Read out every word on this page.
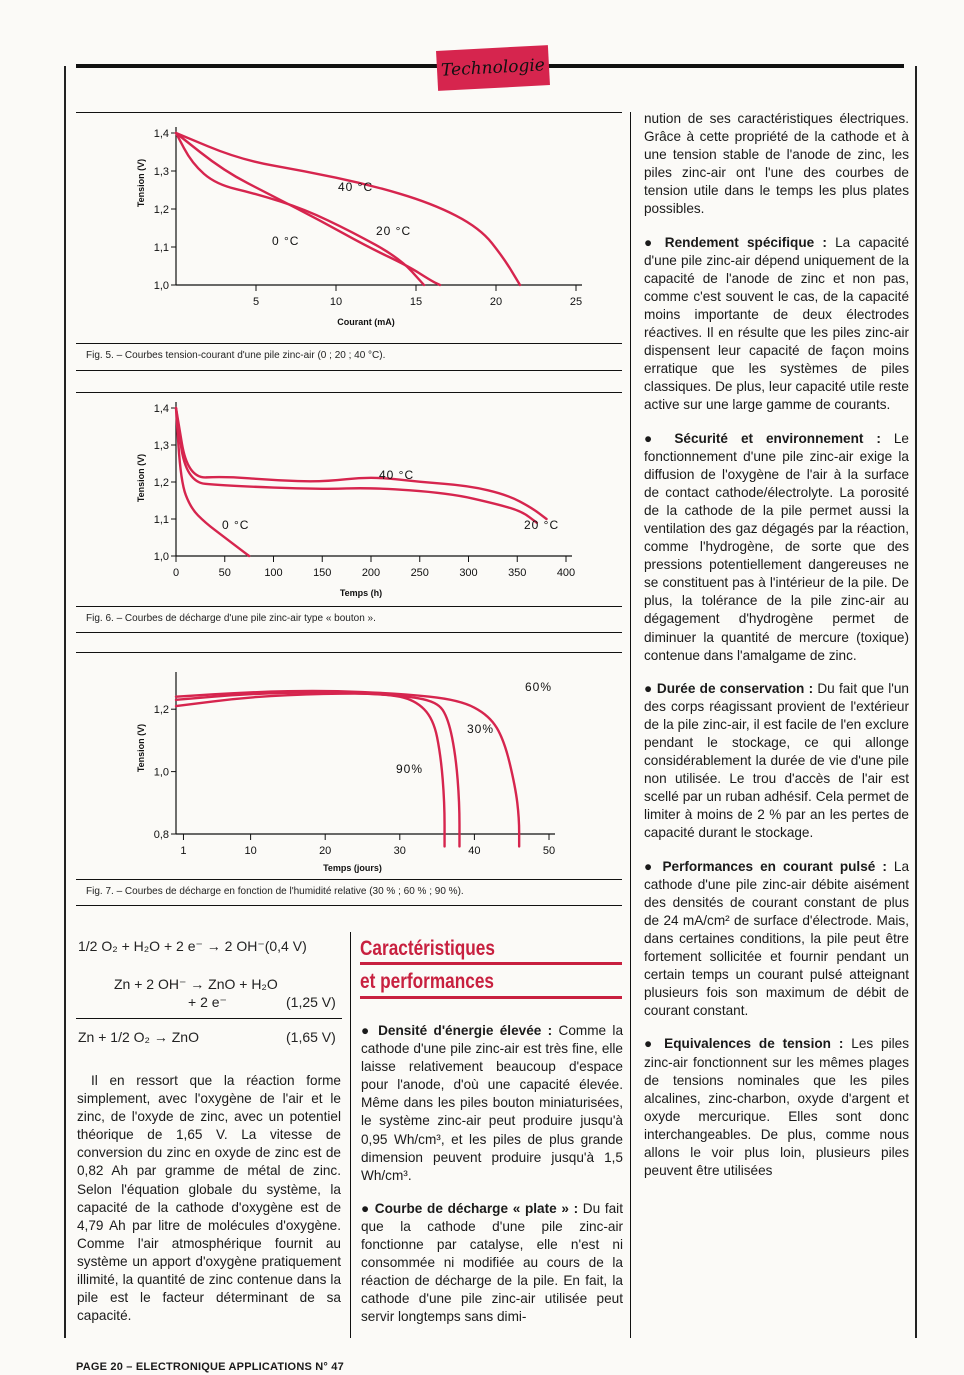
Technologie
Fig. 5. – Courbes tension-courant d'une pile zinc-air (0 ; 20 ; 40 °C).
Fig. 6. – Courbes de décharge d'une pile zinc-air type « bouton ».
Fig. 7. – Courbes de décharge en fonction de l'humidité relative (30 % ; 60 % ; 90 %).
5	10	15	20	25
1,0
1,1
1,2
1,3
1,4
Courant (mA)
Tension (V)
0 °C
20 °C
40 °C
0	50	100	150	200	250	300	350	400
1,0
1,1
1,2
1,3
1,4
Temps (h)
Tension (V)
0 °C	20 °C
40 °C
1	10	20	30	40	50
0,8
1,0
1,2
Temps (jours)
Tension (V)	90%
30%
60%
1/2 O₂ + H₂O + 2 e⁻ → 2 OH⁻(0,4 V)
Zn + 2 OH⁻ → ZnO + H₂O
+ 2 e⁻	(1,25 V)
Zn + 1/2 O₂ → ZnO	(1,65 V)
Il en ressort que la réaction forme simplement, avec l'oxygène de l'air et le zinc, de l'oxyde de zinc, avec un potentiel théorique de 1,65 V. La vitesse de conversion du zinc en oxyde de zinc est de 0,82 Ah par gramme de métal de zinc. Selon l'équation globale du système, la capacité de la cathode d'oxygène est de 4,79 Ah par litre de molécules d'oxygène. Comme l'air atmosphérique fournit au système un apport d'oxygène pratiquement illimité, la quantité de zinc contenue dans la pile est le facteur déterminant de sa capacité.
Caractéristiques
et performances

● Densité d'énergie élevée : Comme la cathode d'une pile zinc-air est très fine, elle laisse relativement beaucoup d'espace pour l'anode, d'où une capacité élevée. Même dans les piles bouton miniaturisées, le système zinc-air peut produire jusqu'à 0,95 Wh/cm³, et les piles de plus grande dimension peuvent produire jusqu'à 1,5 Wh/cm³.

● Courbe de décharge « plate » : Du fait que la cathode d'une pile zinc-air fonctionne par catalyse, elle n'est ni consommée ni modifiée au cours de la réaction de décharge de la pile. En fait, la cathode d'une pile zinc-air utilisée peut servir longtemps sans dimi-

nution de ses caractéristiques électriques. Grâce à cette propriété de la cathode et à une tension stable de l'anode de zinc, les piles zinc-air ont l'une des courbes de tension utile dans le temps les plus plates possibles.

● Rendement spécifique : La capacité d'une pile zinc-air dépend uniquement de la capacité de l'anode de zinc et non pas, comme c'est souvent le cas, de la capacité moins importante de deux électrodes réactives. Il en résulte que les piles zinc-air dispensent leur capacité de façon moins erratique que les systèmes de piles classiques. De plus, leur capacité utile reste active sur une large gamme de courants.

● Sécurité et environnement : Le fonctionnement d'une pile zinc-air exige la diffusion de l'oxygène de l'air à la surface de contact cathode/électrolyte. La porosité de la cathode de la pile permet aussi la ventilation des gaz dégagés par la réaction, comme l'hydrogène, de sorte que des pressions potentiellement dangereuses ne se constituent pas à l'intérieur de la pile. De plus, la tolérance de la pile zinc-air au dégagement d'hydrogène permet de diminuer la quantité de mercure (toxique) contenue dans l'amalgame de zinc.

● Durée de conservation : Du fait que l'un des corps réagissant provient de l'extérieur de la pile zinc-air, il est facile de l'en exclure pendant le stockage, ce qui allonge considérablement la durée de vie d'une pile non utilisée. Le trou d'accès de l'air est scellé par un ruban adhésif. Cela permet de limiter à moins de 2 % par an les pertes de capacité durant le stockage.

● Performances en courant pulsé : La cathode d'une pile zinc-air débite aisément des densités de courant constant de plus de 24 mA/cm² de surface d'électrode. Mais, dans certaines conditions, la pile peut être fortement sollicitée et fournir pendant un certain temps un courant pulsé atteignant plusieurs fois son maximum de débit de courant constant.

● Equivalences de tension : Les piles zinc-air fonctionnent sur les mêmes plages de tensions nominales que les piles alcalines, zinc-charbon, oxyde d'argent et oxyde mercurique. Elles sont donc interchangeables. De plus, comme nous allons le voir plus loin, plusieurs piles peuvent être utilisées

PAGE 20 – ELECTRONIQUE APPLICATIONS N° 47
